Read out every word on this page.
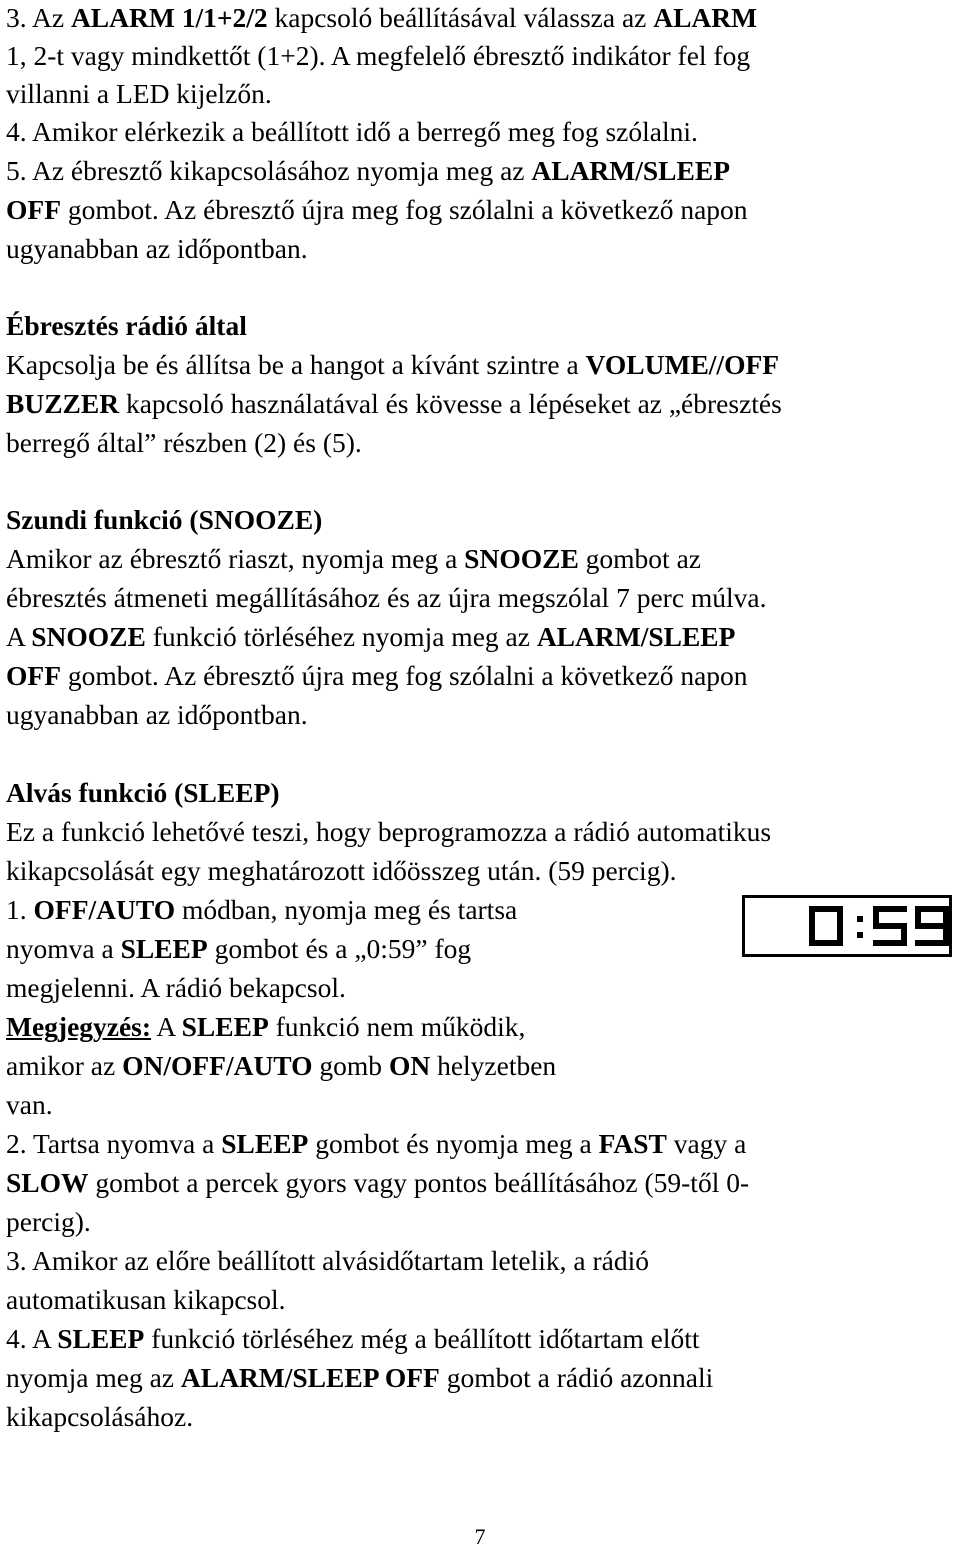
3. Az ALARM 1/1+2/2 kapcsoló beállításával válassza az ALARM
1, 2-t vagy mindkettőt (1+2). A megfelelő ébresztő indikátor fel fog
villanni a LED kijelzőn.
4. Amikor elérkezik a beállított idő a berregő meg fog szólalni.
5. Az ébresztő kikapcsolásához nyomja meg az ALARM/SLEEP
OFF gombot. Az ébresztő újra meg fog szólalni a következő napon
ugyanabban az időpontban.
Ébresztés rádió által
Kapcsolja be és állítsa be a hangot a kívánt szintre a VOLUME//OFF
BUZZER kapcsoló használatával és kövesse a lépéseket az „ébresztés
berregő által” részben (2) és (5).
Szundi funkció (SNOOZE)
Amikor az ébresztő riaszt, nyomja meg a SNOOZE gombot az
ébresztés átmeneti megállításához és az újra megszólal 7 perc múlva.
A SNOOZE funkció törléséhez nyomja meg az ALARM/SLEEP
OFF gombot. Az ébresztő újra meg fog szólalni a következő napon
ugyanabban az időpontban.
Alvás funkció (SLEEP)
Ez a funkció lehetővé teszi, hogy beprogramozza a rádió automatikus
kikapcsolását egy meghatározott időösszeg után. (59 percig).
1. OFF/AUTO módban, nyomja meg és tartsa
nyomva a SLEEP gombot és a „0:59” fog
megjelenni. A rádió bekapcsol.
Megjegyzés: A SLEEP funkció nem működik,
amikor az ON/OFF/AUTO gomb ON helyzetben
van.
2. Tartsa nyomva a SLEEP gombot és nyomja meg a FAST vagy a
SLOW gombot a percek gyors vagy pontos beállításához (59-től 0-
percig).
3. Amikor az előre beállított alvásidőtartam letelik, a rádió
automatikusan kikapcsol.
4. A SLEEP funkció törléséhez még a beállított időtartam előtt
nyomja meg az ALARM/SLEEP OFF gombot a rádió azonnali
kikapcsolásához.
7
